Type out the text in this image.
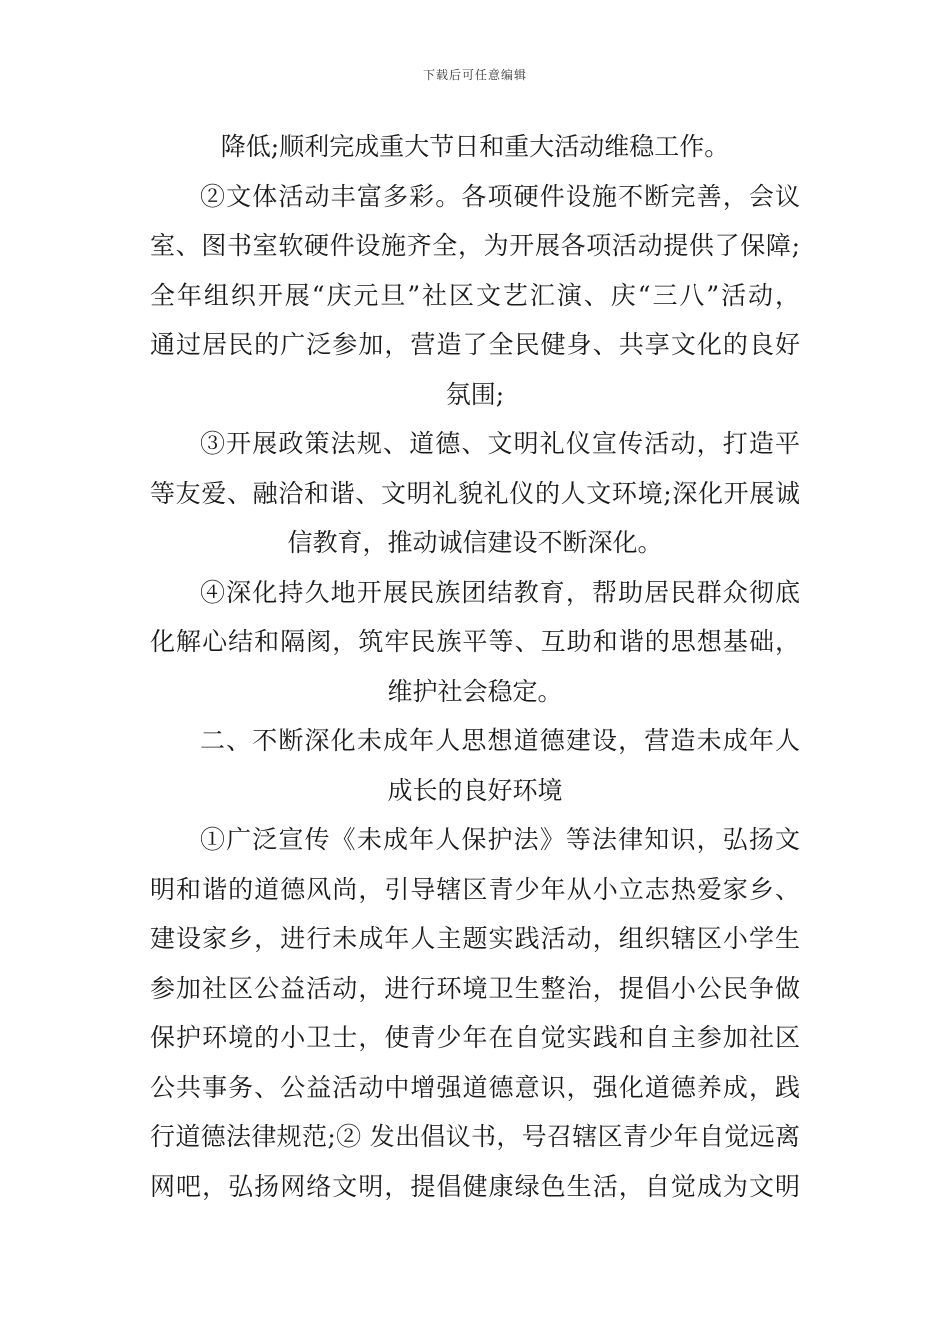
下载后可任意编辑
降低;顺利完成重大节日和重大活动维稳工作。
②文体活动丰富多彩。各项硬件设施不断完善，会议
室、图书室软硬件设施齐全，为开展各项活动提供了保障;
全年组织开展“庆元旦”社区文艺汇演、庆“三八”活动，
通过居民的广泛参加，营造了全民健身、共享文化的良好
氛围;
③开展政策法规、道德、文明礼仪宣传活动，打造平
等友爱、融洽和谐、文明礼貌礼仪的人文环境;深化开展诚
信教育，推动诚信建设不断深化。
④深化持久地开展民族团结教育，帮助居民群众彻底
化解心结和隔阂，筑牢民族平等、互助和谐的思想基础，
维护社会稳定。
二、不断深化未成年人思想道德建设，营造未成年人
成长的良好环境
①广泛宣传《未成年人保护法》等法律知识，弘扬文
明和谐的道德风尚，引导辖区青少年从小立志热爱家乡、
建设家乡，进行未成年人主题实践活动，组织辖区小学生
参加社区公益活动，进行环境卫生整治，提倡小公民争做
保护环境的小卫士，使青少年在自觉实践和自主参加社区
公共事务、公益活动中增强道德意识，强化道德养成，践
行道德法律规范;② 发出倡议书，号召辖区青少年自觉远离
网吧，弘扬网络文明，提倡健康绿色生活，自觉成为文明
